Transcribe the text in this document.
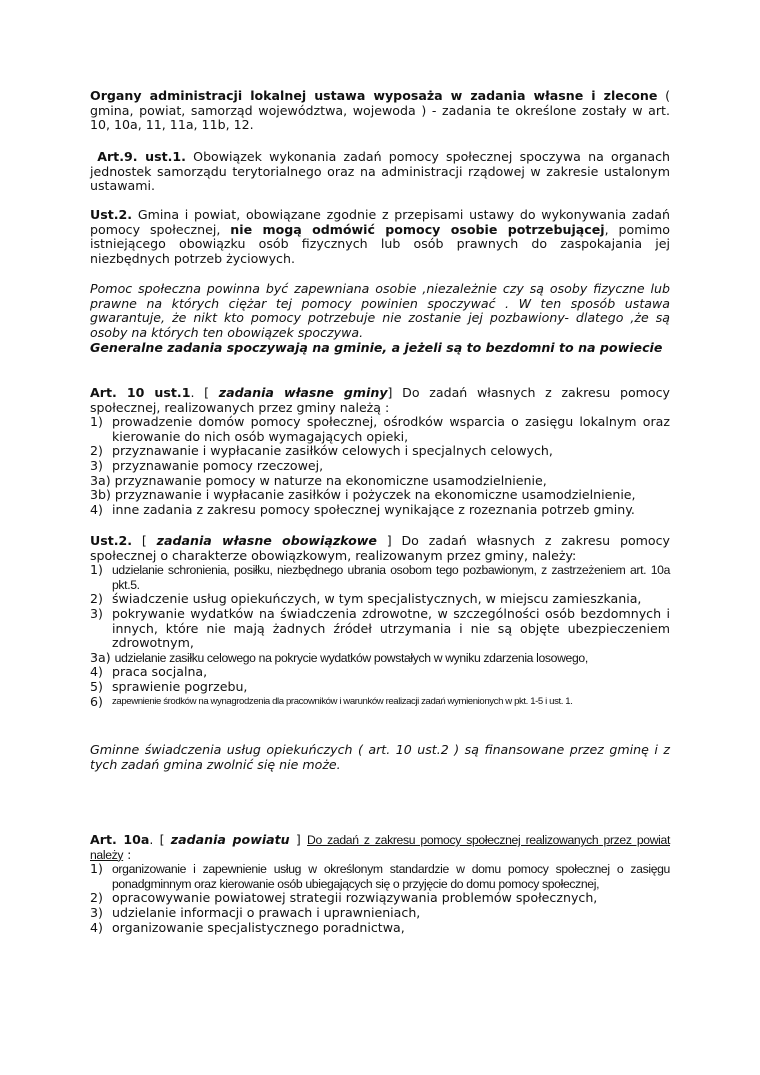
Organy administracji lokalnej ustawa wyposaża w zadania własne i zlecone ( gmina, powiat, samorząd województwa, wojewoda ) - zadania te określone zostały w art. 10, 10a, 11, 11a, 11b, 12.
Art.9. ust.1. Obowiązek wykonania zadań pomocy społecznej spoczywa na organach jednostek samorządu terytorialnego oraz na administracji rządowej w zakresie ustalonym ustawami.
Ust.2. Gmina i powiat, obowiązane zgodnie z przepisami ustawy do wykonywania zadań pomocy społecznej, nie mogą odmówić pomocy osobie potrzebującej, pomimo istniejącego obowiązku osób fizycznych lub osób prawnych do zaspokajania jej niezbędnych potrzeb życiowych.
Pomoc społeczna powinna być zapewniana osobie ,niezależnie czy są osoby fizyczne lub prawne na których ciężar tej pomocy powinien spoczywać . W ten sposób ustawa gwarantuje, że nikt kto pomocy potrzebuje nie zostanie jej pozbawiony- dlatego ,że są osoby na których ten obowiązek spoczywa.
Generalne zadania spoczywają na gminie, a jeżeli są to bezdomni to na powiecie
Art. 10 ust.1. [ zadania własne gminy] Do zadań własnych z zakresu pomocy społecznej, realizowanych przez gminy należą :
1) prowadzenie domów pomocy społecznej, ośrodków wsparcia o zasięgu lokalnym oraz kierowanie do nich osób wymagających opieki,
2) przyznawanie i wypłacanie zasiłków celowych i specjalnych celowych,
3) przyznawanie pomocy rzeczowej,
3a) przyznawanie pomocy w naturze na ekonomiczne usamodzielnienie,
3b) przyznawanie i wypłacanie zasiłków i pożyczek na ekonomiczne usamodzielnienie,
4) inne zadania z zakresu pomocy społecznej wynikające z rozeznania potrzeb gminy.
Ust.2. [ zadania własne obowiązkowe ] Do zadań własnych z zakresu pomocy społecznej o charakterze obowiązkowym, realizowanym przez gminy, należy:
1) udzielanie schronienia, posiłku, niezbędnego ubrania osobom tego pozbawionym, z zastrzeżeniem art. 10a pkt.5.
2) świadczenie usług opiekuńczych, w tym specjalistycznych, w miejscu zamieszkania,
3) pokrywanie wydatków na świadczenia zdrowotne, w szczególności osób bezdomnych i innych, które nie mają żadnych źródeł utrzymania i nie są objęte ubezpieczeniem zdrowotnym,
3a) udzielanie zasiłku celowego na pokrycie wydatków powstałych w wyniku zdarzenia losowego,
4) praca socjalna,
5) sprawienie pogrzebu,
6) zapewnienie środków na wynagrodzenia dla pracowników i warunków realizacji zadań wymienionych w pkt. 1-5 i ust. 1.
Gminne świadczenia usług opiekuńczych ( art. 10 ust.2 ) są finansowane przez gminę i z tych zadań gmina zwolnić się nie może.
Art. 10a. [ zadania powiatu ] Do zadań z zakresu pomocy społecznej realizowanych przez powiat należy :
1) organizowanie i zapewnienie usług w określonym standardzie w domu pomocy społecznej o zasięgu ponadgminnym oraz kierowanie osób ubiegających się o przyjęcie do domu pomocy społecznej,
2) opracowywanie powiatowej strategii rozwiązywania problemów społecznych,
3) udzielanie informacji o prawach i uprawnieniach,
4) organizowanie specjalistycznego poradnictwa,
